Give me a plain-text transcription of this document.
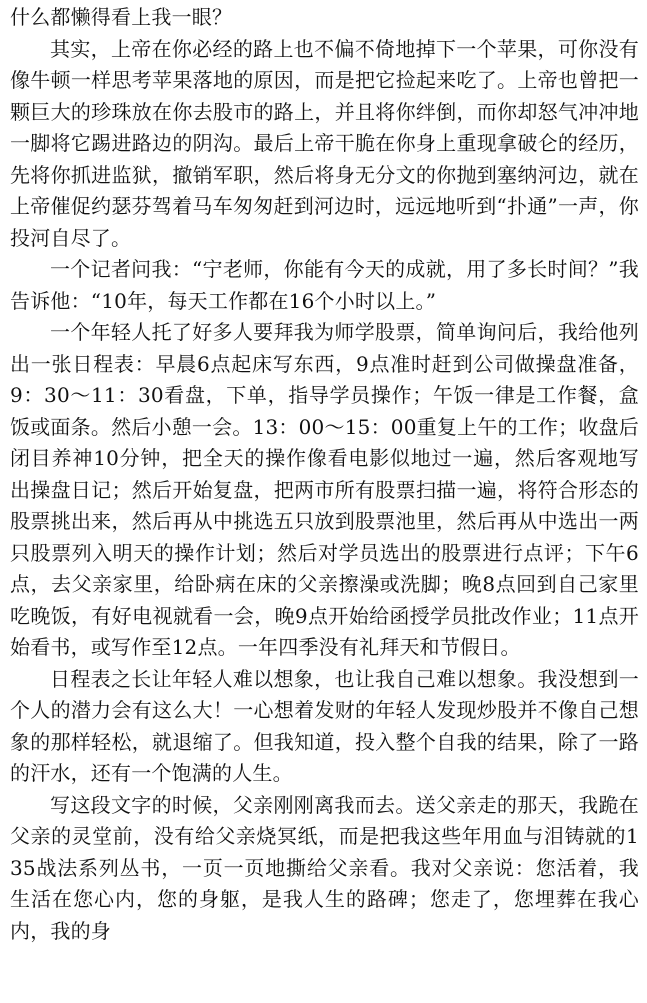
什么都懒得看上我一眼？

其实，上帝在你必经的路上也不偏不倚地掉下一个苹果，可你没有像牛顿一样思考苹果落地的原因，而是把它捡起来吃了。上帝也曾把一颗巨大的珍珠放在你去股市的路上，并且将你绊倒，而你却怒气冲冲地一脚将它踢进路边的阴沟。最后上帝干脆在你身上重现拿破仑的经历，先将你抓进监狱，撤销军职，然后将身无分文的你抛到塞纳河边，就在上帝催促约瑟芬驾着马车匆匆赶到河边时，远远地听到“扑通”一声，你投河自尽了。

一个记者问我：“宁老师，你能有今天的成就，用了多长时间？”我告诉他：“10年，每天工作都在16个小时以上。”

一个年轻人托了好多人要拜我为师学股票，简单询问后，我给他列出一张日程表：早晨6点起床写东西，9点准时赶到公司做操盘准备，9：30～11：30看盘，下单，指导学员操作；午饭一律是工作餐，盒饭或面条。然后小憩一会。13：00～15：00重复上午的工作；收盘后闭目养神10分钟，把全天的操作像看电影似地过一遍，然后客观地写出操盘日记；然后开始复盘，把两市所有股票扫描一遍，将符合形态的股票挑出来，然后再从中挑选五只放到股票池里，然后再从中选出一两只股票列入明天的操作计划；然后对学员选出的股票进行点评；下午6点，去父亲家里，给卧病在床的父亲擦澡或洗脚；晚8点回到自己家里吃晚饭，有好电视就看一会，晚9点开始给函授学员批改作业；11点开始看书，或写作至12点。一年四季没有礼拜天和节假日。

日程表之长让年轻人难以想象，也让我自己难以想象。我没想到一个人的潜力会有这么大！一心想着发财的年轻人发现炒股并不像自己想象的那样轻松，就退缩了。但我知道，投入整个自我的结果，除了一路的汗水，还有一个饱满的人生。

写这段文字的时候，父亲刚刚离我而去。送父亲走的那天，我跪在父亲的灵堂前，没有给父亲烧冥纸，而是把我这些年用血与泪铸就的135战法系列丛书，一页一页地撕给父亲看。我对父亲说：您活着，我生活在您心内，您的身躯，是我人生的路碑；您走了，您埋葬在我心内，我的身
